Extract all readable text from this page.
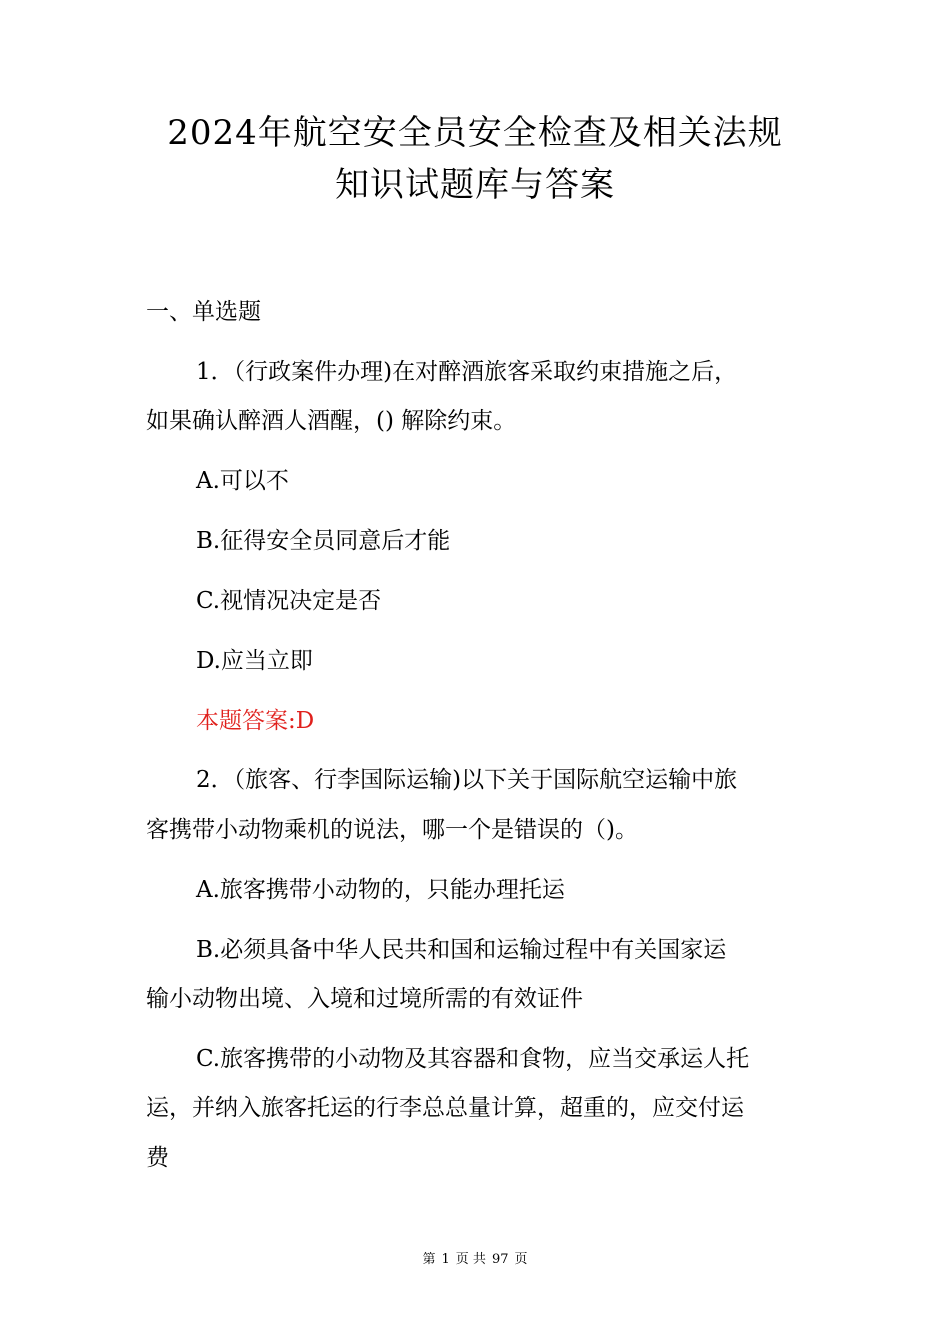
2024年航空安全员安全检查及相关法规
知识试题库与答案
一、单选题
1．（行政案件办理)在对醉酒旅客采取约束措施之后，
如果确认醉酒人酒醒，() 解除约束。
A.可以不
B.征得安全员同意后才能
C.视情况决定是否
D.应当立即
本题答案:D
2．（旅客、行李国际运输)以下关于国际航空运输中旅
客携带小动物乘机的说法，哪一个是错误的（)。
A.旅客携带小动物的，只能办理托运
B.必须具备中华人民共和国和运输过程中有关国家运
输小动物出境、入境和过境所需的有效证件
C.旅客携带的小动物及其容器和食物，应当交承运人托
运，并纳入旅客托运的行李总总量计算，超重的，应交付运
费
第 1 页 共 97 页
